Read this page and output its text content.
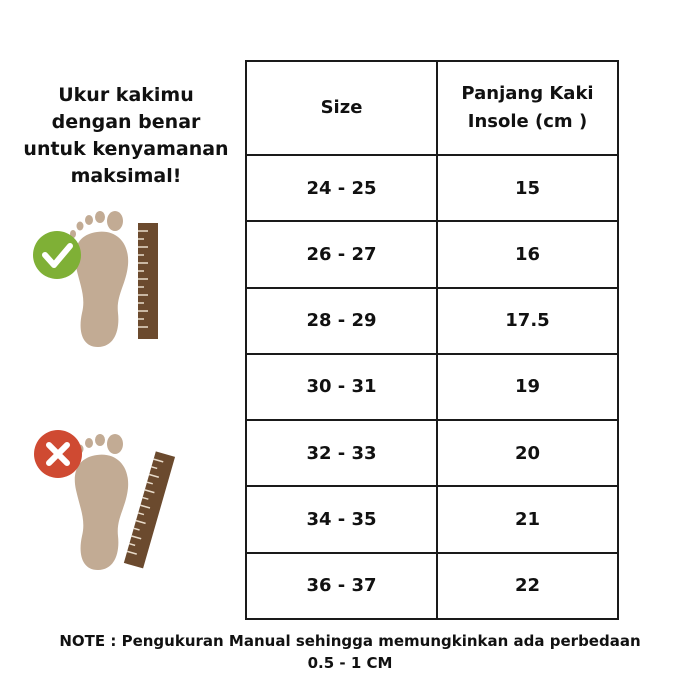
Ukur kakimu
dengan benar
untuk kenyamanan
maksimal!
Size	Panjang Kaki
Insole (cm )

24 - 25	15
26 - 27	16
28 - 29	17.5
30 - 31	19
32 - 33	20
34 - 35	21
36 - 37	22
NOTE : Pengukuran Manual sehingga memungkinkan ada perbedaan
0.5 - 1 CM
